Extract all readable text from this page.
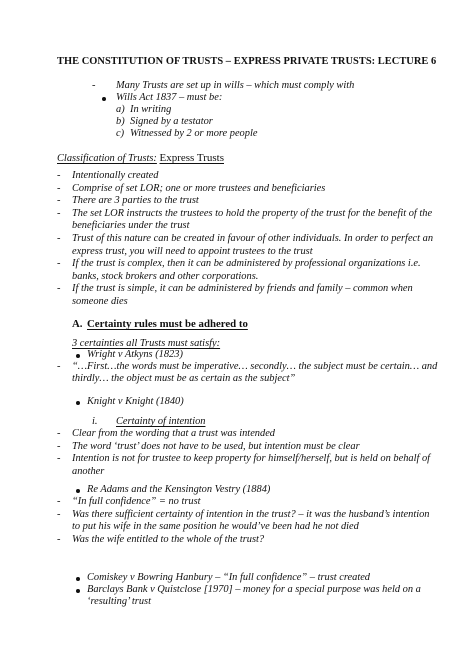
THE CONSTITUTION OF TRUSTS – EXPRESS PRIVATE TRUSTS: LECTURE 6
- Many Trusts are set up in wills – which must comply with
Wills Act 1837 – must be:
a) In writing
b) Signed by a testator
c) Witnessed by 2 or more people
Classification of Trusts: Express Trusts
-	Intentionally created
-	Comprise of set LOR; one or more trustees and beneficiaries
-	There are 3 parties to the trust
-	The set LOR instructs the trustees to hold the property of the trust for the benefit of the
beneficiaries under the trust
-	Trust of this nature can be created in favour of other individuals. In order to perfect an
express trust, you will need to appoint trustees to the trust
-	If the trust is complex, then it can be administered by professional organizations i.e.
banks, stock brokers and other corporations.
-	If the trust is simple, it can be administered by friends and family – common when
someone dies
A. Certainty rules must be adhered to
3 certainties all Trusts must satisfy:
Wright v Atkyns (1823)
- “…First…the words must be imperative… secondly… the subject must be certain… and
thirdly… the object must be as certain as the subject”
Knight v Knight (1840)
i. Certainty of intention
-	Clear from the wording that a trust was intended
-	The word ‘trust’ does not have to be used, but intention must be clear
-	Intention is not for trustee to keep property for himself/herself, but is held on behalf of
another
Re Adams and the Kensington Vestry (1884)
-	“In full confidence” = no trust
-	Was there sufficient certainty of intention in the trust? – it was the husband’s intention
to put his wife in the same position he would’ve been had he not died
-	Was the wife entitled to the whole of the trust?
Comiskey v Bowring Hanbury – “In full confidence” – trust created
Barclays Bank v Quistclose [1970] – money for a special purpose was held on a
‘resulting’ trust
